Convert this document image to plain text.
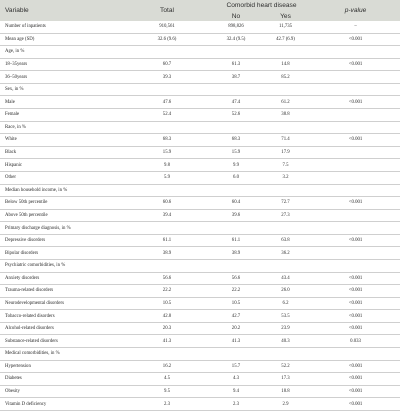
Variable	Total	Comorbid heart disease		p-value
		No	Yes	
Number of inpatients	910,561	898,826	11,735	–
Mean age (SD)	32.6 (9.6)	32.4 (9.5)	42.7 (6.9)	<0.001
Age, in %				
18–35years	60.7	61.3	14.8	<0.001
36–50years	39.3	38.7	85.2	
Sex, in %				
Male	47.6	47.4	61.2	<0.001
Female	52.4	52.6	38.8	
Race, in %				
White	68.3	68.3	71.4	<0.001
Black	15.9	15.9	17.9	
Hispanic	9.8	9.9	7.5	
Other	5.9	6.0	3.2	
Median household income, in %				
Below 50th percentile	60.6	60.4	72.7	<0.001
Above 50th percentile	39.4	39.6	27.3	
Primary discharge diagnosis, in %				
Depressive disorders	61.1	61.1	63.8	<0.001
Bipolar disorders	38.9	38.9	36.2	
Psychiatric comorbidities, in %				
Anxiety disorders	56.6	56.6	43.4	<0.001
Trauma-related disorders	22.2	22.2	26.0	<0.001
Neurodevelopmental disorders	10.5	10.5	6.2	<0.001
Tobacco-related disorders	42.8	42.7	53.5	<0.001
Alcohol-related disorders	20.3	20.2	23.9	<0.001
Substance-related disorders	41.3	41.3	40.3	0.033
Medical comorbidities, in %				
Hypertension	16.2	15.7	52.2	<0.001
Diabetes	4.5	4.3	17.3	<0.001
Obesity	9.5	9.4	18.8	<0.001
Vitamin D deficiency	2.3	2.3	2.9	<0.001
